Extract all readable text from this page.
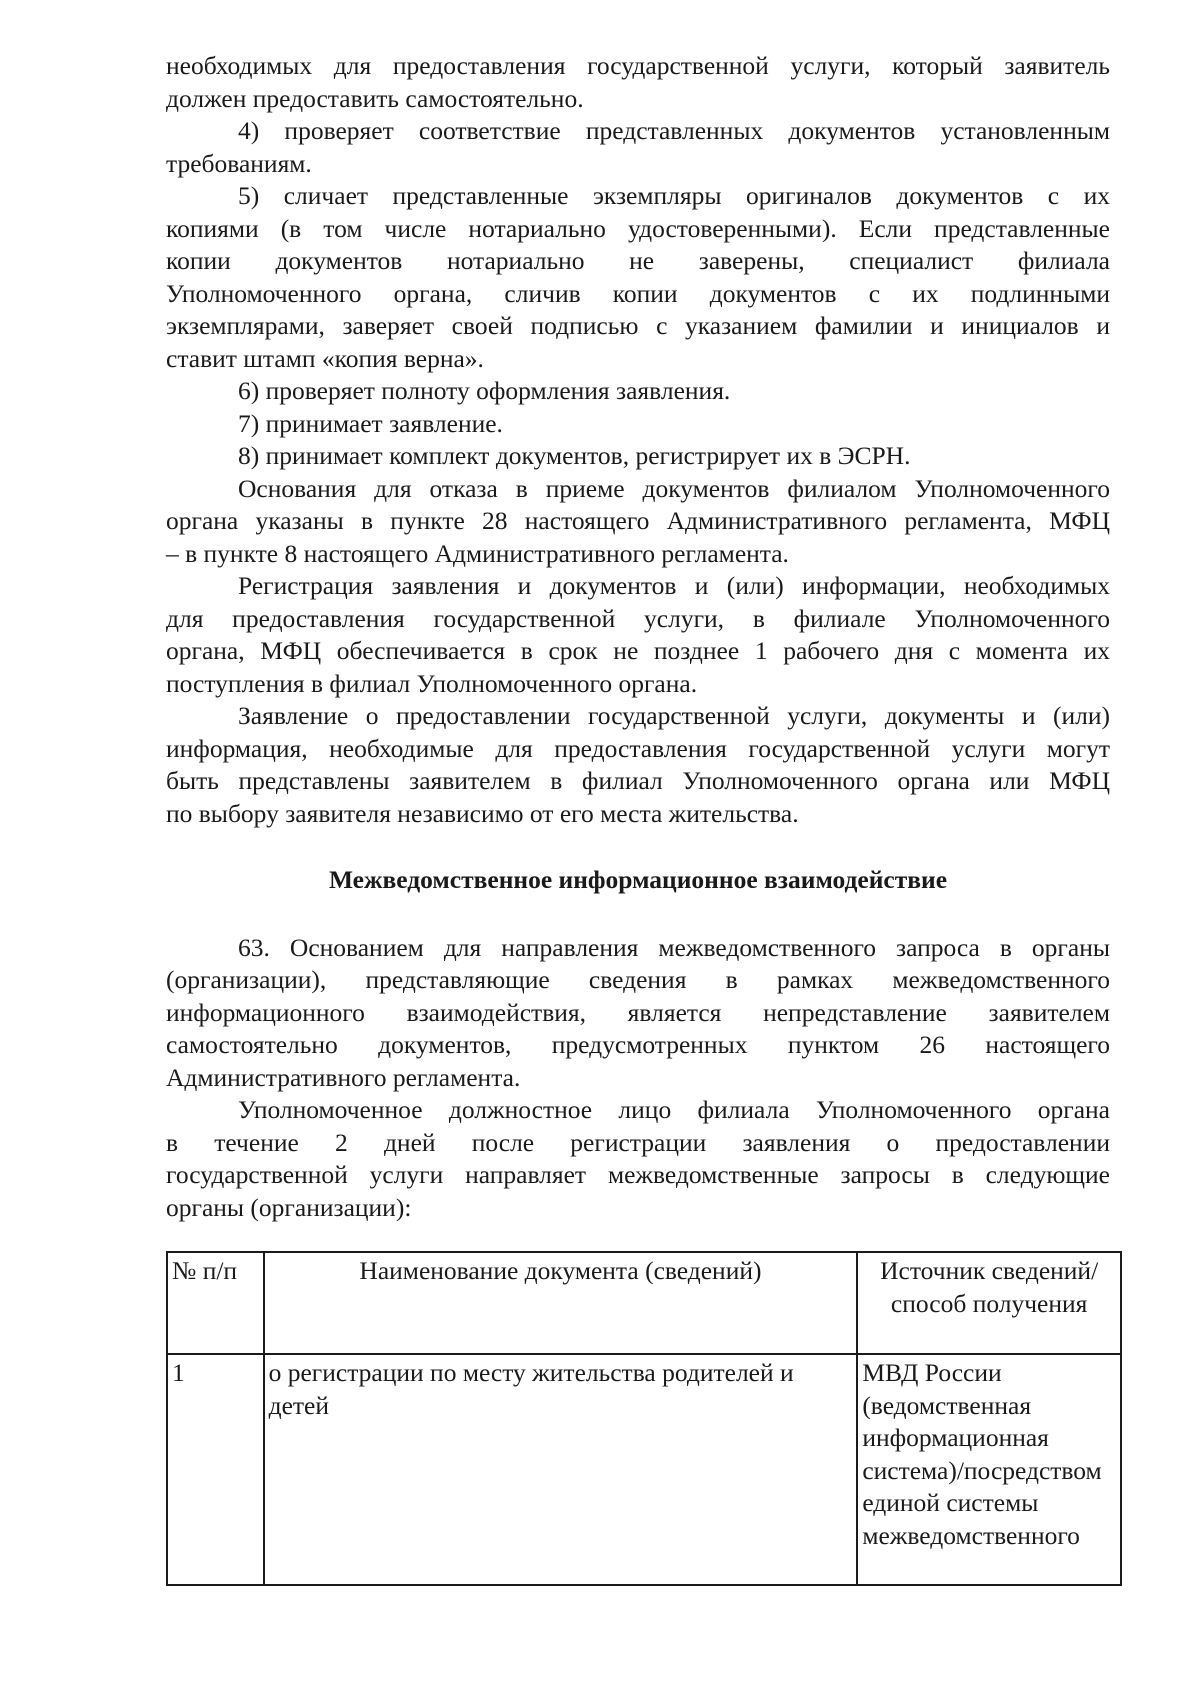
необходимых для предоставления государственной услуги, который заявитель
должен предоставить самостоятельно.
4) проверяет соответствие представленных документов установленным
требованиям.
5) сличает представленные экземпляры оригиналов документов с их
копиями (в том числе нотариально удостоверенными). Если представленные
копии документов нотариально не заверены, специалист филиала
Уполномоченного органа, сличив копии документов с их подлинными
экземплярами, заверяет своей подписью с указанием фамилии и инициалов и
ставит штамп «копия верна».
6) проверяет полноту оформления заявления.
7) принимает заявление.
8) принимает комплект документов, регистрирует их в ЭСРН.
Основания для отказа в приеме документов филиалом Уполномоченного
органа указаны в пункте 28 настоящего Административного регламента, МФЦ
– в пункте 8 настоящего Административного регламента.
Регистрация заявления и документов и (или) информации, необходимых
для предоставления государственной услуги, в филиале Уполномоченного
органа, МФЦ обеспечивается в срок не позднее 1 рабочего дня с момента их
поступления в филиал Уполномоченного органа.
Заявление о предоставлении государственной услуги, документы и (или)
информация, необходимые для предоставления государственной услуги могут
быть представлены заявителем в филиал Уполномоченного органа или МФЦ
по выбору заявителя независимо от его места жительства.
Межведомственное информационное взаимодействие
63. Основанием для направления межведомственного запроса в органы
(организации), представляющие сведения в рамках межведомственного
информационного взаимодействия, является непредставление заявителем
самостоятельно документов, предусмотренных пунктом 26 настоящего
Административного регламента.
Уполномоченное должностное лицо филиала Уполномоченного органа
в течение 2 дней после регистрации заявления о предоставлении
государственной услуги направляет межведомственные запросы в следующие
органы (организации):
№ п/п	Наименование документа (сведений)	Источник сведений/способ получения
1	о регистрации по месту жительства родителей и детей	МВД России (ведомственная информационная система)/посредством единой системы межведомственного
